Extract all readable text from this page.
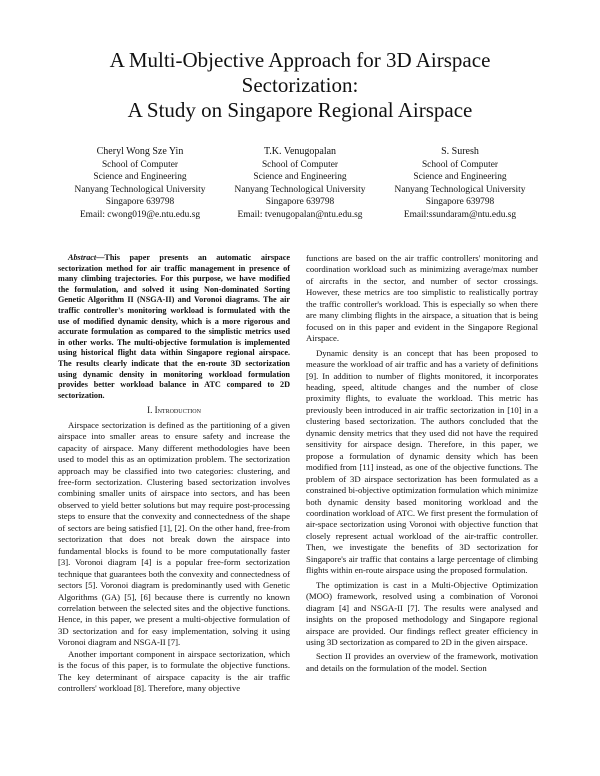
A Multi-Objective Approach for 3D Airspace
Sectorization:
A Study on Singapore Regional Airspace
Cheryl Wong Sze Yin
School of Computer
Science and Engineering
Nanyang Technological University
Singapore 639798
Email: cwong019@e.ntu.edu.sg
T.K. Venugopalan
School of Computer
Science and Engineering
Nanyang Technological University
Singapore 639798
Email: tvenugopalan@ntu.edu.sg
S. Suresh
School of Computer
Science and Engineering
Nanyang Technological University
Singapore 639798
Email:ssundaram@ntu.edu.sg

Abstract—This paper presents an automatic airspace sectorization method for air traffic management in presence of many climbing trajectories. For this purpose, we have modified the formulation, and solved it using Non-dominated Sorting Genetic Algorithm II (NSGA-II) and Voronoi diagrams. The air traffic controller's monitoring workload is formulated with the use of modified dynamic density, which is a more rigorous and accurate formulation as compared to the simplistic metrics used in other works. The multi-objective formulation is implemented using historical flight data within Singapore regional airspace. The results clearly indicate that the en-route 3D sectorization using dynamic density in monitoring workload formulation provides better workload balance in ATC compared to 2D sectorization.

I. Introduction

Airspace sectorization is defined as the partitioning of a given airspace into smaller areas to ensure safety and increase the capacity of airspace. Many different methodologies have been used to model this as an optimization problem. The sectorization approach may be classified into two categories: clustering, and free-form sectorization. Clustering based sectorization involves combining smaller units of airspace into sectors, and has been observed to yield better solutions but may require post-processing steps to ensure that the convexity and connectedness of the shape of sectors are being satisfied [1], [2]. On the other hand, free-from sectorization that does not break down the airspace into fundamental blocks is found to be more computationally faster [3]. Voronoi diagram [4] is a popular free-form sectorization technique that guarantees both the convexity and connectedness of sectors [5]. Voronoi diagram is predominantly used with Genetic Algorithms (GA) [5], [6] because there is currently no known correlation between the selected sites and the objective functions. Hence, in this paper, we present a multi-objective formulation of 3D sectorization and for easy implementation, solving it using Voronoi diagram and NSGA-II [7].

Another important component in airspace sectorization, which is the focus of this paper, is to formulate the objective functions. The key determinant of airspace capacity is the air traffic controllers' workload [8]. Therefore, many objective

functions are based on the air traffic controllers' monitoring and coordination workload such as minimizing average/max number of aircrafts in the sector, and number of sector crossings. However, these metrics are too simplistic to realistically portray the traffic controller's workload. This is especially so when there are many climbing flights in the airspace, a situation that is being focused on in this paper and evident in the Singapore Regional Airspace.

Dynamic density is an concept that has been proposed to measure the workload of air traffic and has a variety of definitions [9]. In addition to number of flights monitored, it incorporates heading, speed, altitude changes and the number of close proximity flights, to evaluate the workload. This metric has previously been introduced in air traffic sectorization in [10] in a clustering based sectorization. The authors concluded that the dynamic density metrics that they used did not have the required sensitivity for airspace design. Therefore, in this paper, we propose a formulation of dynamic density which has been modified from [11] instead, as one of the objective functions. The problem of 3D airspace sectorization has been formulated as a constrained bi-objective optimization formulation which minimize both dynamic density based monitoring workload and the coordination workload of ATC. We first present the formulation of air-space sectorization using Voronoi with objective function that closely represent actual workload of the air-traffic controller. Then, we investigate the benefits of 3D sectorization for Singapore's air traffic that contains a large percentage of climbing flights within en-route airspace using the proposed formulation.

The optimization is cast in a Multi-Objective Optimization (MOO) framework, resolved using a combination of Voronoi diagram [4] and NSGA-II [7]. The results were analysed and insights on the proposed methodology and Singapore regional airspace are provided. Our findings reflect greater efficiency in using 3D sectorization as compared to 2D in the given airspace.

Section II provides an overview of the framework, motivation and details on the formulation of the model. Section
